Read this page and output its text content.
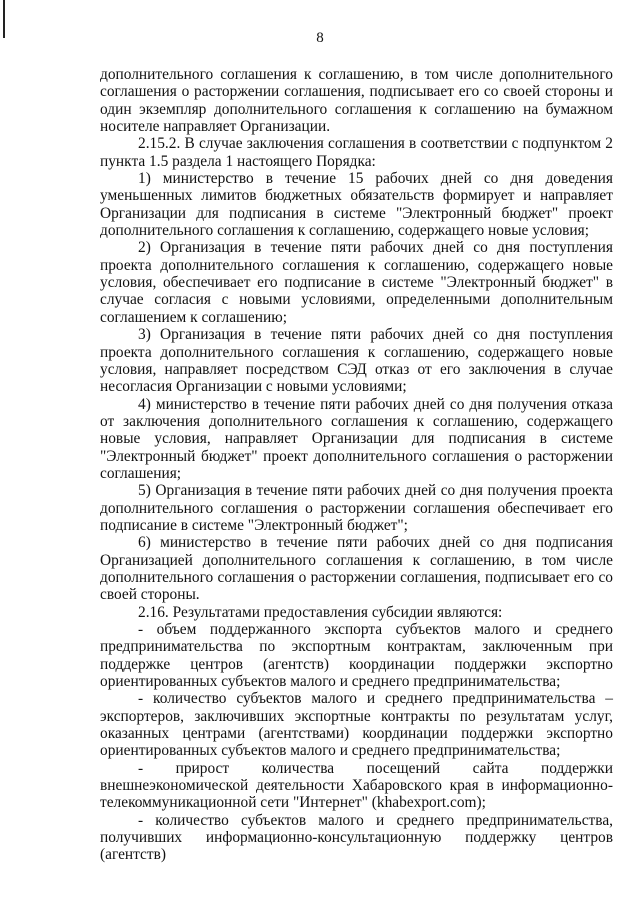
8

дополнительного соглашения к соглашению, в том числе дополнительного соглашения о расторжении соглашения, подписывает его со своей стороны и один экземпляр дополнительного соглашения к соглашению на бумажном носителе направляет Организации.

2.15.2. В случае заключения соглашения в соответствии с подпунктом 2 пункта 1.5 раздела 1 настоящего Порядка:

1) министерство в течение 15 рабочих дней со дня доведения уменьшенных лимитов бюджетных обязательств формирует и направляет Организации для подписания в системе "Электронный бюджет" проект дополнительного соглашения к соглашению, содержащего новые условия;

2) Организация в течение пяти рабочих дней со дня поступления проекта дополнительного соглашения к соглашению, содержащего новые условия, обеспечивает его подписание в системе "Электронный бюджет" в случае согласия с новыми условиями, определенными дополнительным соглашением к соглашению;

3) Организация в течение пяти рабочих дней со дня поступления проекта дополнительного соглашения к соглашению, содержащего новые условия, направляет посредством СЭД отказ от его заключения в случае несогласия Организации с новыми условиями;

4) министерство в течение пяти рабочих дней со дня получения отказа от заключения дополнительного соглашения к соглашению, содержащего новые условия, направляет Организации для подписания в системе "Электронный бюджет" проект дополнительного соглашения о расторжении соглашения;

5) Организация в течение пяти рабочих дней со дня получения проекта дополнительного соглашения о расторжении соглашения обеспечивает его подписание в системе "Электронный бюджет";

6) министерство в течение пяти рабочих дней со дня подписания Организацией дополнительного соглашения к соглашению, в том числе дополнительного соглашения о расторжении соглашения, подписывает его со своей стороны.

2.16. Результатами предоставления субсидии являются:

- объем поддержанного экспорта субъектов малого и среднего предпринимательства по экспортным контрактам, заключенным при поддержке центров (агентств) координации поддержки экспортно ориентированных субъектов малого и среднего предпринимательства;

- количество субъектов малого и среднего предпринимательства – экспортеров, заключивших экспортные контракты по результатам услуг, оказанных центрами (агентствами) координации поддержки экспортно ориентированных субъектов малого и среднего предпринимательства;

- прирост количества посещений сайта поддержки внешнеэкономической деятельности Хабаровского края в информационно-телекоммуникационной сети "Интернет" (khabexport.com);

- количество субъектов малого и среднего предпринимательства, получивших информационно-консультационную поддержку центров (агентств)
